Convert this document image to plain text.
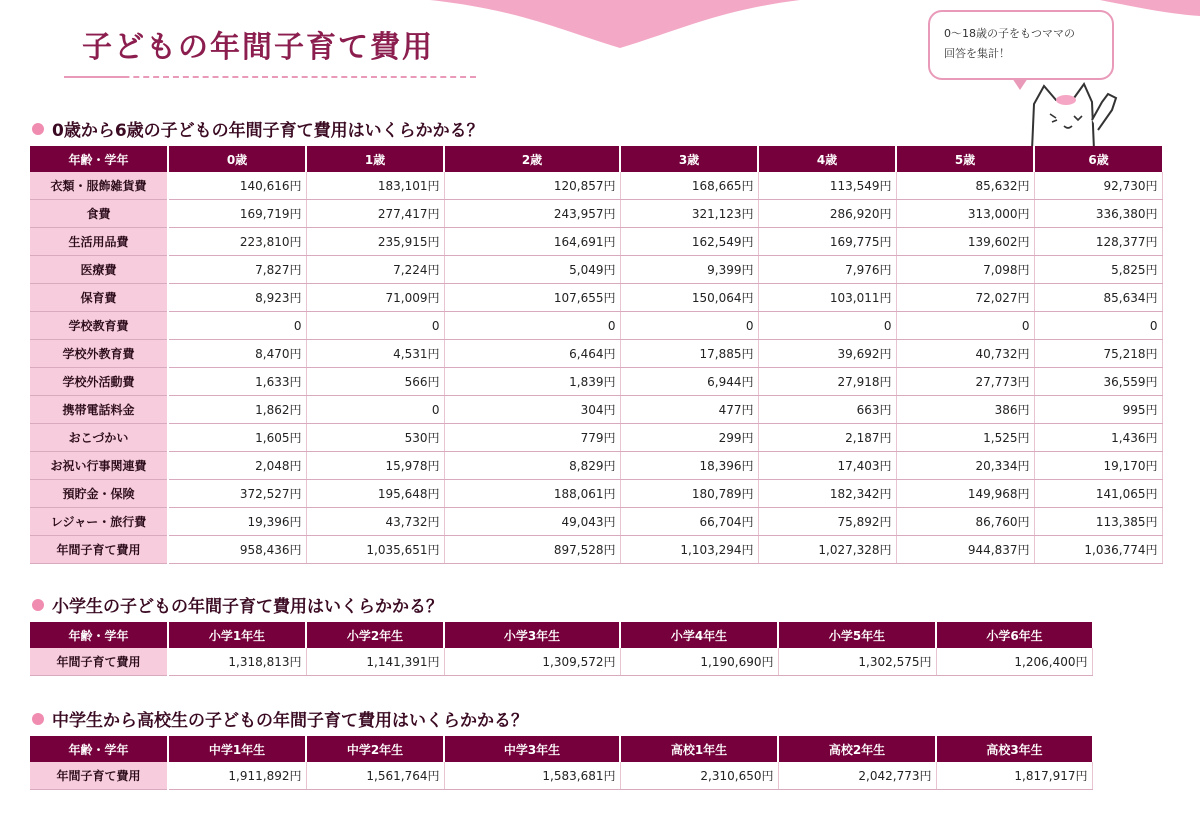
子どもの年間子育て費用	0〜18歳の子をもつママの
回答を集計！
0歳から6歳の子どもの年間子育て費用はいくらかかる？
年齢・学年	0歳	1歳	2歳	3歳	4歳	5歳	6歳
衣類・服飾雑貨費	140,616円	183,101円	120,857円	168,665円	113,549円	85,632円	92,730円
食費	169,719円	277,417円	243,957円	321,123円	286,920円	313,000円	336,380円
生活用品費	223,810円	235,915円	164,691円	162,549円	169,775円	139,602円	128,377円
医療費	7,827円	7,224円	5,049円	9,399円	7,976円	7,098円	5,825円
保育費	8,923円	71,009円	107,655円	150,064円	103,011円	72,027円	85,634円
学校教育費	0	0	0	0	0	0	0
学校外教育費	8,470円	4,531円	6,464円	17,885円	39,692円	40,732円	75,218円
学校外活動費	1,633円	566円	1,839円	6,944円	27,918円	27,773円	36,559円
携帯電話料金	1,862円	0	304円	477円	663円	386円	995円
おこづかい	1,605円	530円	779円	299円	2,187円	1,525円	1,436円
お祝い行事関連費	2,048円	15,978円	8,829円	18,396円	17,403円	20,334円	19,170円
預貯金・保険	372,527円	195,648円	188,061円	180,789円	182,342円	149,968円	141,065円
レジャー・旅行費	19,396円	43,732円	49,043円	66,704円	75,892円	86,760円	113,385円
年間子育て費用	958,436円	1,035,651円	897,528円	1,103,294円	1,027,328円	944,837円	1,036,774円
小学生の子どもの年間子育て費用はいくらかかる？
年齢・学年	小学1年生	小学2年生	小学3年生	小学4年生	小学5年生	小学6年生
年間子育て費用	1,318,813円	1,141,391円	1,309,572円	1,190,690円	1,302,575円	1,206,400円
中学生から高校生の子どもの年間子育て費用はいくらかかる？
年齢・学年	中学1年生	中学2年生	中学3年生	高校1年生	高校2年生	高校3年生
年間子育て費用	1,911,892円	1,561,764円	1,583,681円	2,310,650円	2,042,773円	1,817,917円
